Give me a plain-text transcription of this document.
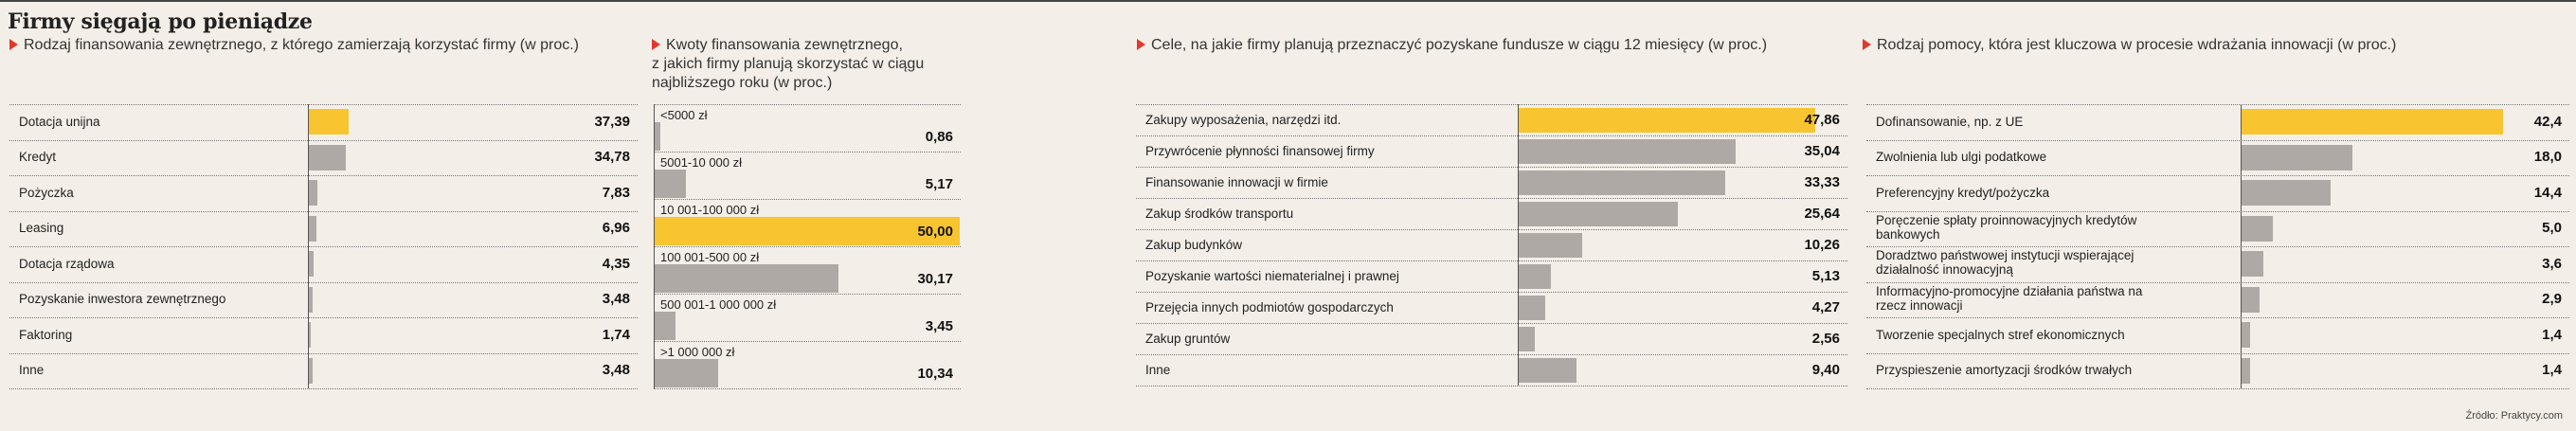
Firmy sięgają po pieniądze
Źródło: Praktycy.com
Rodzaj finansowania zewnętrznego, z którego zamierzają korzystać firmy (w proc.)
Dotacja unijna	37,39
Kredyt	34,78
Pożyczka	7,83
Leasing	6,96
Dotacja rządowa	4,35
Pozyskanie inwestora zewnętrznego	3,48
Faktoring	1,74
Inne	3,48
Kwoty finansowania zewnętrznego,
z jakich firmy planują skorzystać w ciągu
najbliższego roku (w proc.)
<5000 zł
0,86
5001-10 000 zł
5,17
10 001-100 000 zł
50,00
100 001-500 00 zł
30,17
500 001-1 000 000 zł
3,45
>1 000 000 zł
10,34
Cele, na jakie firmy planują przeznaczyć pozyskane fundusze w ciągu 12 miesięcy (w proc.)
Zakupy wyposażenia, narzędzi itd.	47,86
Przywrócenie płynności finansowej firmy	35,04
Finansowanie innowacji w firmie	33,33
Zakup środków transportu	25,64
Zakup budynków	10,26
Pozyskanie wartości niematerialnej i prawnej	5,13
Przejęcia innych podmiotów gospodarczych	4,27
Zakup gruntów	2,56
Inne	9,40
Rodzaj pomocy, która jest kluczowa w procesie wdrażania innowacji (w proc.)
Dofinansowanie, np. z UE	42,4
Zwolnienia lub ulgi podatkowe	18,0
Preferencyjny kredyt/pożyczka	14,4
Poręczenie spłaty proinnowacyjnych kredytów bankowych	5,0
Doradztwo państwowej instytucji wspierającej działalność innowacyjną	3,6
Informacyjno-promocyjne działania państwa na rzecz innowacji	2,9
Tworzenie specjalnych stref ekonomicznych	1,4
Przyspieszenie amortyzacji środków trwałych	1,4
